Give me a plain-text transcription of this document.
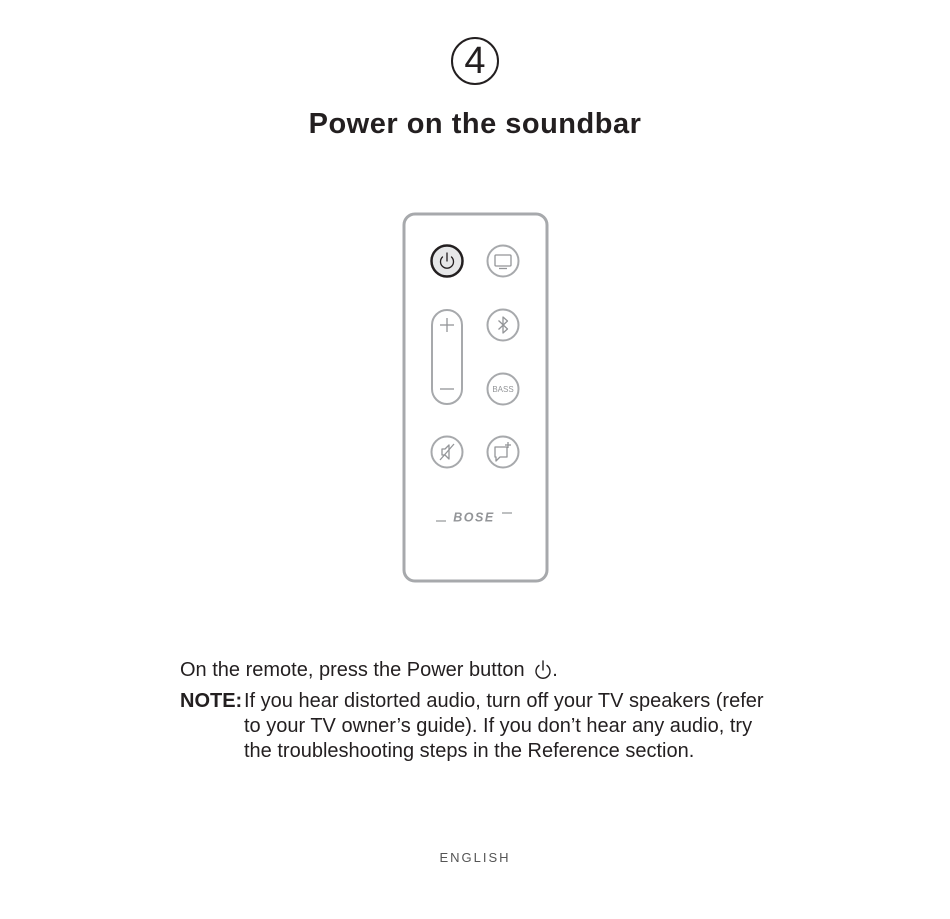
4
Power on the soundbar
BASS
BOSE
On the remote, press the Power button .
NOTE: If you hear distorted audio, turn off your TV speakers (refer to your TV owner’s guide). If you don’t hear any audio, try the troubleshooting steps in the Reference section.
ENGLISH
